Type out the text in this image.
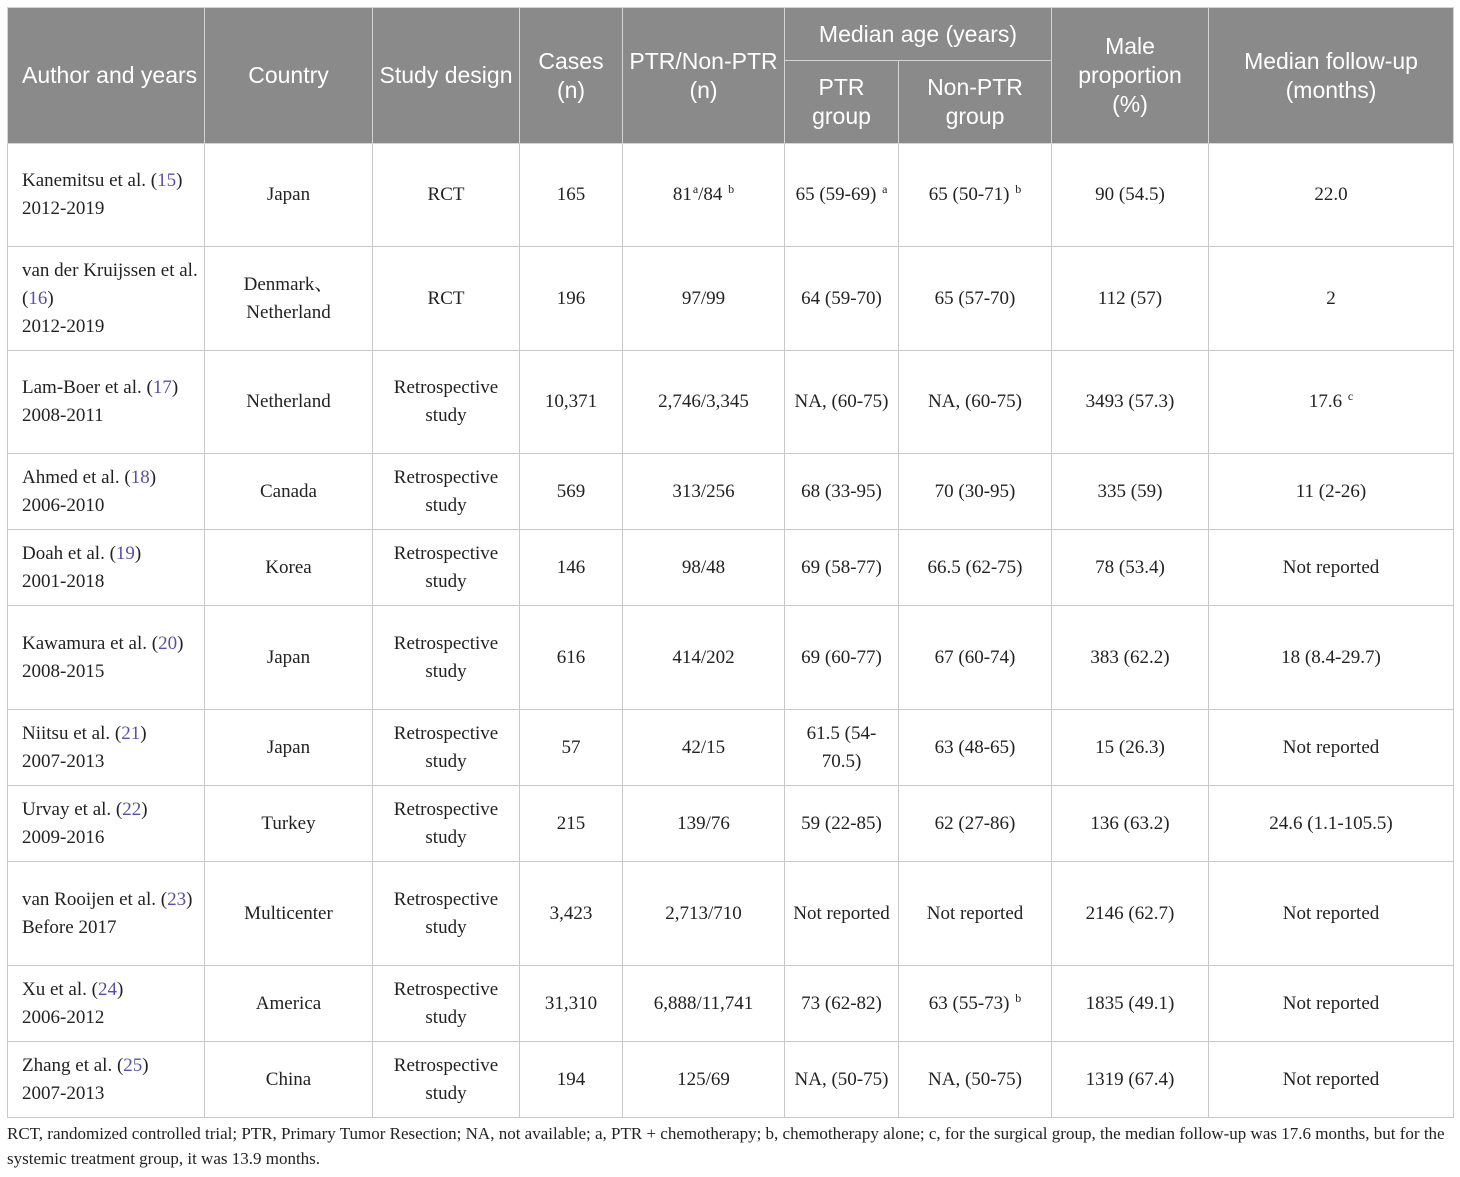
Author and years	Country	Study design	Cases (n)	PTR/Non-PTR (n)	Median age (years)		Male proportion (%)	Median follow-up (months)
					PTR group	Non-PTR group		
Kanemitsu et al. (15)
2012-2019	Japan	RCT	165	81$^a$/84 $^b$	65 (59-69) $^a$	65 (50-71) $^b$	90 (54.5)	22.0
van der Kruijssen et al. (16)
2012-2019	Denmark、Netherland	RCT	196	97/99	64 (59-70)	65 (57-70)	112 (57)	2
Lam-Boer et al. (17)
2008-2011	Netherland	Retrospective study	10,371	2,746/3,345	NA, (60-75)	NA, (60-75)	3493 (57.3)	17.6 $^c$
Ahmed et al. (18)
2006-2010	Canada	Retrospective study	569	313/256	68 (33-95)	70 (30-95)	335 (59)	11 (2-26)
Doah et al. (19)
2001-2018	Korea	Retrospective study	146	98/48	69 (58-77)	66.5 (62-75)	78 (53.4)	Not reported
Kawamura et al. (20)
2008-2015	Japan	Retrospective study	616	414/202	69 (60-77)	67 (60-74)	383 (62.2)	18 (8.4-29.7)
Niitsu et al. (21)
2007-2013	Japan	Retrospective study	57	42/15	61.5 (54-70.5)	63 (48-65)	15 (26.3)	Not reported
Urvay et al. (22)
2009-2016	Turkey	Retrospective study	215	139/76	59 (22-85)	62 (27-86)	136 (63.2)	24.6 (1.1-105.5)
van Rooijen et al. (23)
Before 2017	Multicenter	Retrospective study	3,423	2,713/710	Not reported	Not reported	2146 (62.7)	Not reported
Xu et al. (24)
2006-2012	America	Retrospective study	31,310	6,888/11,741	73 (62-82)	63 (55-73) $^b$	1835 (49.1)	Not reported
Zhang et al. (25)
2007-2013	China	Retrospective study	194	125/69	NA, (50-75)	NA, (50-75)	1319 (67.4)	Not reported
RCT, randomized controlled trial; PTR, Primary Tumor Resection; NA, not available; a, PTR + chemotherapy; b, chemotherapy alone; c, for the surgical group, the median follow-up was 17.6 months, but for the systemic treatment group, it was 13.9 months.
